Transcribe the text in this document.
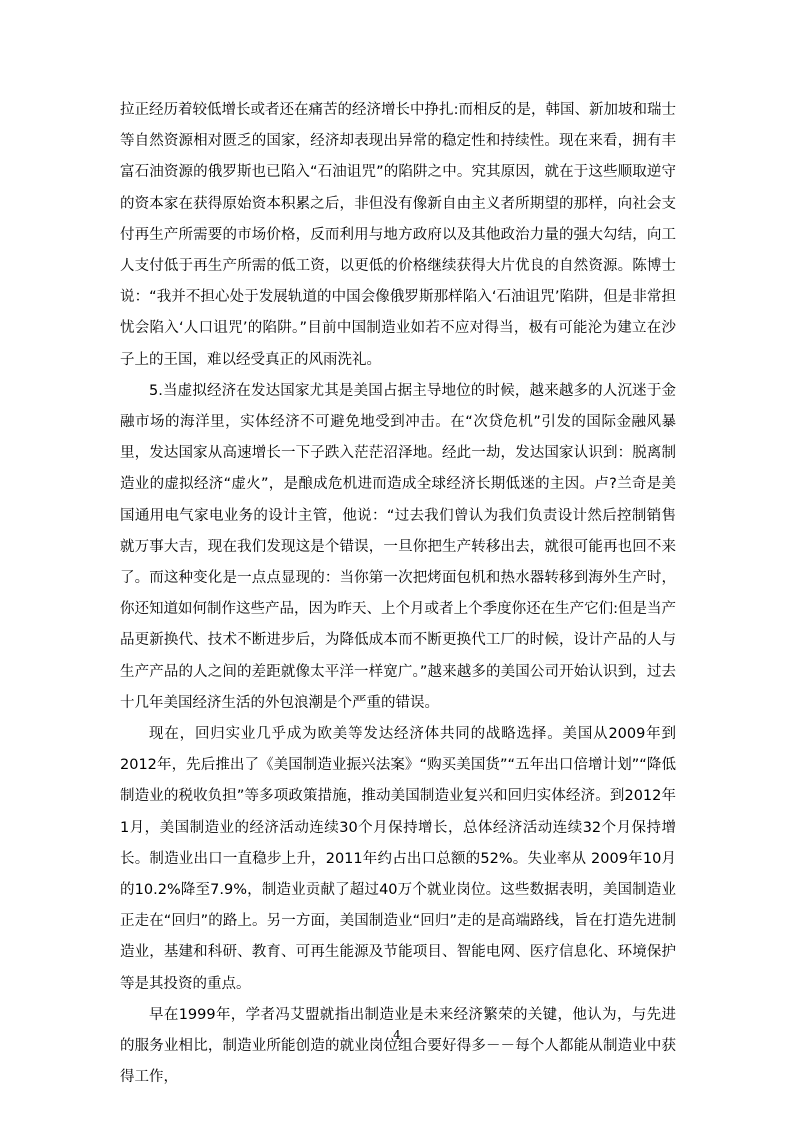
拉正经历着较低增长或者还在痛苦的经济增长中挣扎:而相反的是，韩国、新加坡和瑞士等自然资源相对匮乏的国家，经济却表现出异常的稳定性和持续性。现在来看，拥有丰富石油资源的俄罗斯也已陷入“石油诅咒”的陷阱之中。究其原因，就在于这些顺取逆守的资本家在获得原始资本积累之后，非但没有像新自由主义者所期望的那样，向社会支付再生产所需要的市场价格，反而利用与地方政府以及其他政治力量的强大勾结，向工人支付低于再生产所需的低工资，以更低的价格继续获得大片优良的自然资源。陈博士说：“我并不担心处于发展轨道的中国会像俄罗斯那样陷入‘石油诅咒’陷阱，但是非常担忧会陷入‘人口诅咒’的陷阱。”目前中国制造业如若不应对得当，极有可能沦为建立在沙子上的王国，难以经受真正的风雨洗礼。

5.当虚拟经济在发达国家尤其是美国占据主导地位的时候，越来越多的人沉迷于金融市场的海洋里，实体经济不可避免地受到冲击。在“次贷危机”引发的国际金融风暴里，发达国家从高速增长一下子跌入茫茫沼泽地。经此一劫，发达国家认识到：脱离制造业的虚拟经济“虚火”，是酿成危机进而造成全球经济长期低迷的主因。卢?兰奇是美国通用电气家电业务的设计主管，他说：“过去我们曾认为我们负责设计然后控制销售就万事大吉，现在我们发现这是个错误，一旦你把生产转移出去，就很可能再也回不来了。而这种变化是一点点显现的：当你第一次把烤面包机和热水器转移到海外生产时，你还知道如何制作这些产品，因为昨天、上个月或者上个季度你还在生产它们:但是当产品更新换代、技术不断进步后，为降低成本而不断更换代工厂的时候，设计产品的人与生产产品的人之间的差距就像太平洋一样宽广。”越来越多的美国公司开始认识到，过去十几年美国经济生活的外包浪潮是个严重的错误。

现在，回归实业几乎成为欧美等发达经济体共同的战略选择。美国从2009年到2012年，先后推出了《美国制造业振兴法案》“购买美国货”“五年出口倍增计划”“降低制造业的税收负担”等多项政策措施，推动美国制造业复兴和回归实体经济。到2012年1月，美国制造业的经济活动连续30个月保持增长，总体经济活动连续32个月保持增长。制造业出口一直稳步上升，2011年约占出口总额的52%。失业率从 2009年10月的10.2%降至7.9%，制造业贡献了超过40万个就业岗位。这些数据表明，美国制造业正走在“回归”的路上。另一方面，美国制造业“回归”走的是高端路线，旨在打造先进制造业，基建和科研、教育、可再生能源及节能项目、智能电网、医疗信息化、环境保护等是其投资的重点。

早在1999年，学者冯艾盟就指出制造业是未来经济繁荣的关键，他认为，与先进的服务业相比，制造业所能创造的就业岗位组合要好得多－－每个人都能从制造业中获得工作，

4
